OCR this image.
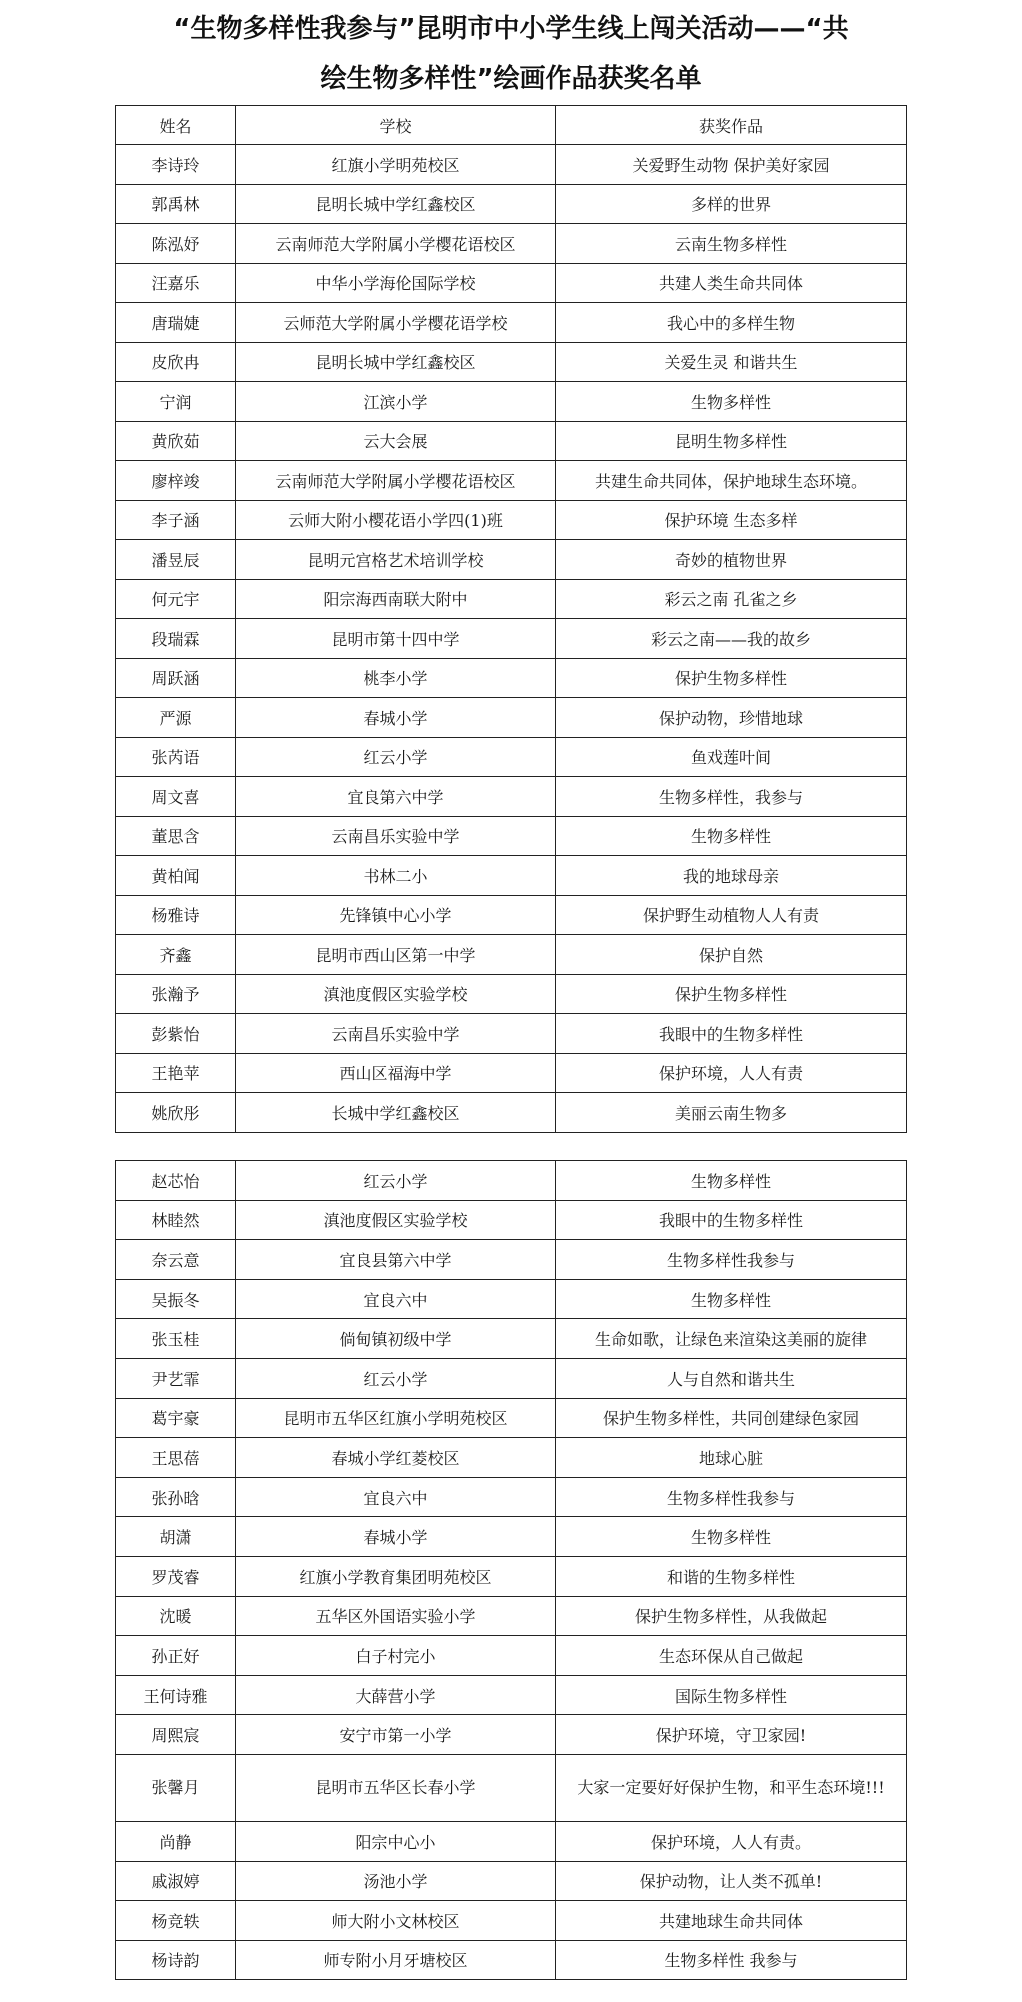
“生物多样性我参与”昆明市中小学生线上闯关活动——“共
绘生物多样性”绘画作品获奖名单
姓名	学校	获奖作品
李诗玲	红旗小学明苑校区	关爱野生动物 保护美好家园
郭禹林	昆明长城中学红鑫校区	多样的世界
陈泓妤	云南师范大学附属小学樱花语校区	云南生物多样性
汪嘉乐	中华小学海伦国际学校	共建人类生命共同体
唐瑞婕	云师范大学附属小学樱花语学校	我心中的多样生物
皮欣冉	昆明长城中学红鑫校区	关爱生灵 和谐共生
宁润	江滨小学	生物多样性
黄欣茹	云大会展	昆明生物多样性
廖梓竣	云南师范大学附属小学樱花语校区	共建生命共同体，保护地球生态环境。
李子涵	云师大附小樱花语小学四(1)班	保护环境 生态多样
潘昱辰	昆明元宫格艺术培训学校	奇妙的植物世界
何元宇	阳宗海西南联大附中	彩云之南 孔雀之乡
段瑞霖	昆明市第十四中学	彩云之南——我的故乡
周跃涵	桃李小学	保护生物多样性
严源	春城小学	保护动物，珍惜地球
张芮语	红云小学	鱼戏莲叶间
周文喜	宜良第六中学	生物多样性，我参与
董思含	云南昌乐实验中学	生物多样性
黄柏闻	书林二小	我的地球母亲
杨雅诗	先锋镇中心小学	保护野生动植物人人有责
齐鑫	昆明市西山区第一中学	保护自然
张瀚予	滇池度假区实验学校	保护生物多样性
彭紫怡	云南昌乐实验中学	我眼中的生物多样性
王艳苹	西山区福海中学	保护环境，人人有责
姚欣彤	长城中学红鑫校区	美丽云南生物多
赵芯怡	红云小学	生物多样性
林睦然	滇池度假区实验学校	我眼中的生物多样性
奈云意	宜良县第六中学	生物多样性我参与
吴振冬	宜良六中	生物多样性
张玉桂	倘甸镇初级中学	生命如歌，让绿色来渲染这美丽的旋律
尹艺霏	红云小学	人与自然和谐共生
葛宇豪	昆明市五华区红旗小学明苑校区	保护生物多样性，共同创建绿色家园
王思蓓	春城小学红菱校区	地球心脏
张孙晗	宜良六中	生物多样性我参与
胡潇	春城小学	生物多样性
罗茂睿	红旗小学教育集团明苑校区	和谐的生物多样性
沈暖	五华区外国语实验小学	保护生物多样性，从我做起
孙正好	白子村完小	生态环保从自己做起
王何诗雅	大薛营小学	国际生物多样性
周熙宸	安宁市第一小学	保护环境，守卫家园!
张馨月	昆明市五华区长春小学	大家一定要好好保护生物，和平生态环境!!!
尚静	阳宗中心小	保护环境，人人有责。
戚淑婷	汤池小学	保护动物，让人类不孤单!
杨竞轶	师大附小文林校区	共建地球生命共同体
杨诗韵	师专附小月牙塘校区	生物多样性 我参与
